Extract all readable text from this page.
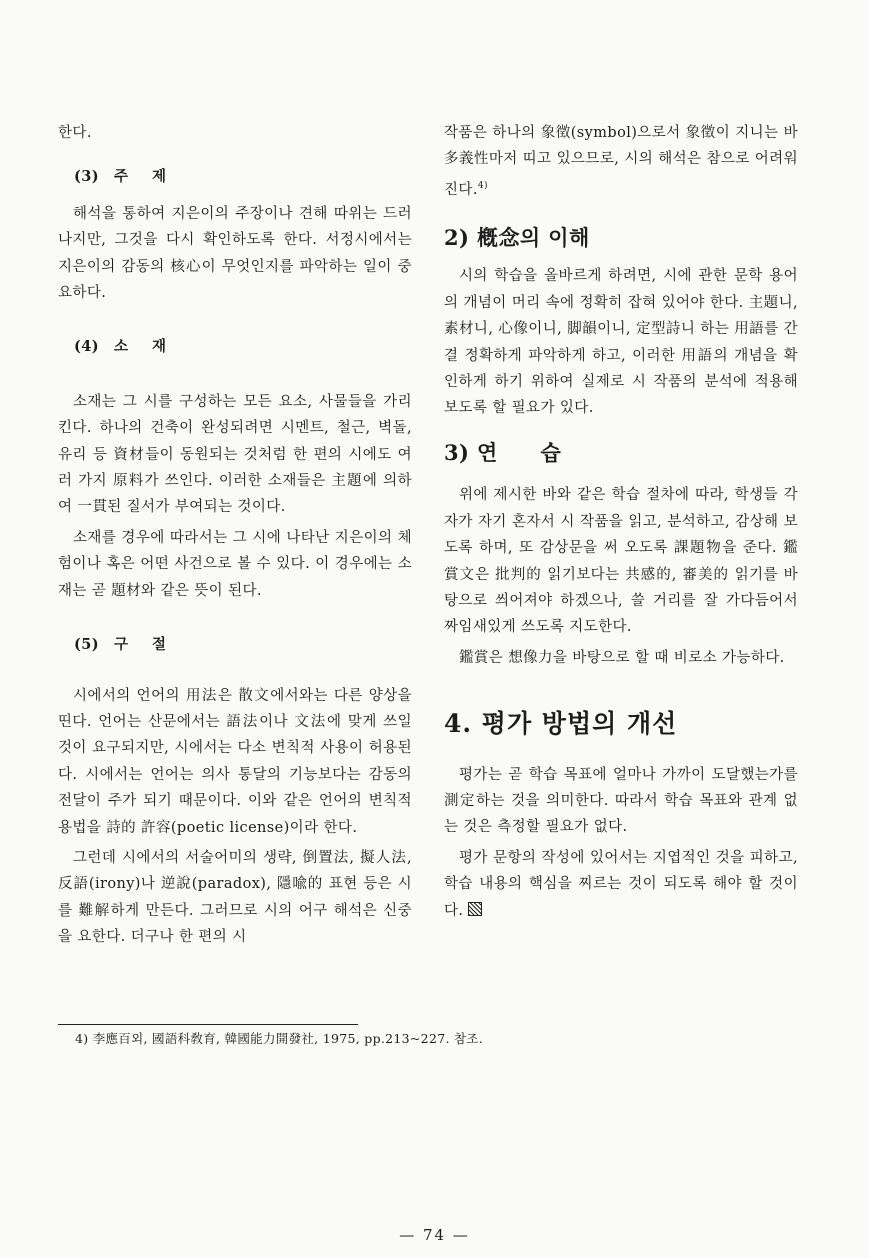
한다.

(3) 주 제

해석을 통하여 지은이의 주장이나 견해 따위는 드러나지만, 그것을 다시 확인하도록 한다. 서정시에서는 지은이의 감동의 核心이 무엇인지를 파악하는 일이 중요하다.

(4) 소 재

소재는 그 시를 구성하는 모든 요소, 사물들을 가리킨다. 하나의 건축이 완성되려면 시멘트, 철근, 벽돌, 유리 등 資材들이 동원되는 것처럼 한 편의 시에도 여러 가지 原料가 쓰인다. 이러한 소재들은 主題에 의하여 一貫된 질서가 부여되는 것이다.

소재를 경우에 따라서는 그 시에 나타난 지은이의 체험이나 혹은 어떤 사건으로 볼 수 있다. 이 경우에는 소재는 곧 題材와 같은 뜻이 된다.

(5) 구 절

시에서의 언어의 用法은 散文에서와는 다른 양상을 띤다. 언어는 산문에서는 語法이나 文法에 맞게 쓰일 것이 요구되지만, 시에서는 다소 변칙적 사용이 허용된다. 시에서는 언어는 의사 통달의 기능보다는 감동의 전달이 주가 되기 때문이다. 이와 같은 언어의 변칙적 용법을 詩的 許容(poetic license)이라 한다.

그런데 시에서의 서술어미의 생략, 倒置法, 擬人法, 反語(irony)나 逆說(paradox), 隱喩的 표현 등은 시를 難解하게 만든다. 그러므로 시의 어구 해석은 신중을 요한다. 더구나 한 편의 시

작품은 하나의 象徵(symbol)으로서 象徵이 지니는 바 多義性마저 띠고 있으므로, 시의 해석은 참으로 어려워진다.$^{4)}$

2) 槪念의 이해

시의 학습을 올바르게 하려면, 시에 관한 문학 용어의 개념이 머리 속에 정확히 잡혀 있어야 한다. 主題니, 素材니, 心像이니, 脚韻이니, 定型詩니 하는 用語를 간결 정확하게 파악하게 하고, 이러한 用語의 개념을 확인하게 하기 위하여 실제로 시 작품의 분석에 적용해 보도록 할 필요가 있다.

3) 연　　습

위에 제시한 바와 같은 학습 절차에 따라, 학생들 각자가 자기 혼자서 시 작품을 읽고, 분석하고, 감상해 보도록 하며, 또 감상문을 써 오도록 課題物을 준다. 鑑賞文은 批判的 읽기보다는 共感的, 審美的 읽기를 바탕으로 씌어져야 하겠으나, 쓸 거리를 잘 가다듬어서 짜임새있게 쓰도록 지도한다.

鑑賞은 想像力을 바탕으로 할 때 비로소 가능하다.

4. 평가 방법의 개선

평가는 곧 학습 목표에 얼마나 가까이 도달했는가를 測定하는 것을 의미한다. 따라서 학습 목표와 관계 없는 것은 측정할 필요가 없다.

평가 문항의 작성에 있어서는 지엽적인 것을 피하고, 학습 내용의 핵심을 찌르는 것이 되도록 해야 할 것이다.

4) 李應百외, 國語科敎育, 韓國能力開發社, 1975, pp.213~227. 참조.
— 74 —
